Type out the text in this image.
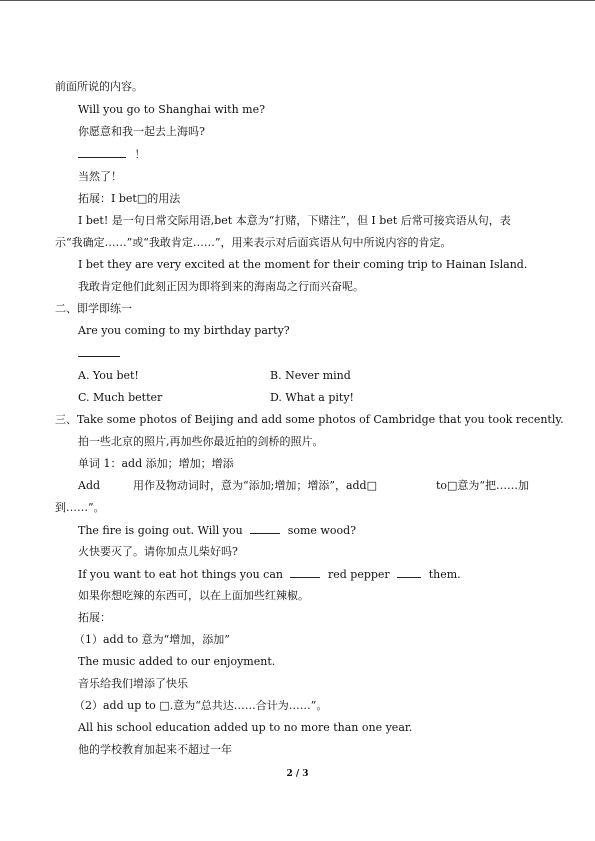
前面所说的内容。
Will you go to Shanghai with me?
你愿意和我一起去上海吗?
！
当然了！
拓展：I bet□的用法
I bet! 是一句日常交际用语,bet 本意为“打赌，下赌注”，但 I bet 后常可接宾语从句，表
示“我确定……”或“我敢肯定……”，用来表示对后面宾语从句中所说内容的肯定。
I bet they are very excited at the moment for their coming trip to Hainan Island.
我敢肯定他们此刻正因为即将到来的海南岛之行而兴奋呢。
二、即学即练一
Are you coming to my birthday party?
A. You bet!	B. Never mind
C. Much better	D. What a pity!
三、Take some photos of Beijing and add some photos of Cambridge that you took recently.
拍一些北京的照片,再加些你最近拍的剑桥的照片。
单词 1：add 添加；增加；增添
Add	用作及物动词时，意为“添加;增加；增添”，add□	to□意为“把……加
到……”。
The fire is going out. Will you	some wood?
火快要灭了。请你加点儿柴好吗?
If you want to eat hot things you can	red pepper	them.
如果你想吃辣的东西可，以在上面加些红辣椒。
拓展：
（1）add to 意为“增加，添加”
The music added to our enjoyment.
音乐给我们增添了快乐
（2）add up to □.意为“总共达……合计为……”。
All his school education added up to no more than one year.
他的学校教育加起来不超过一年
2 / 3
